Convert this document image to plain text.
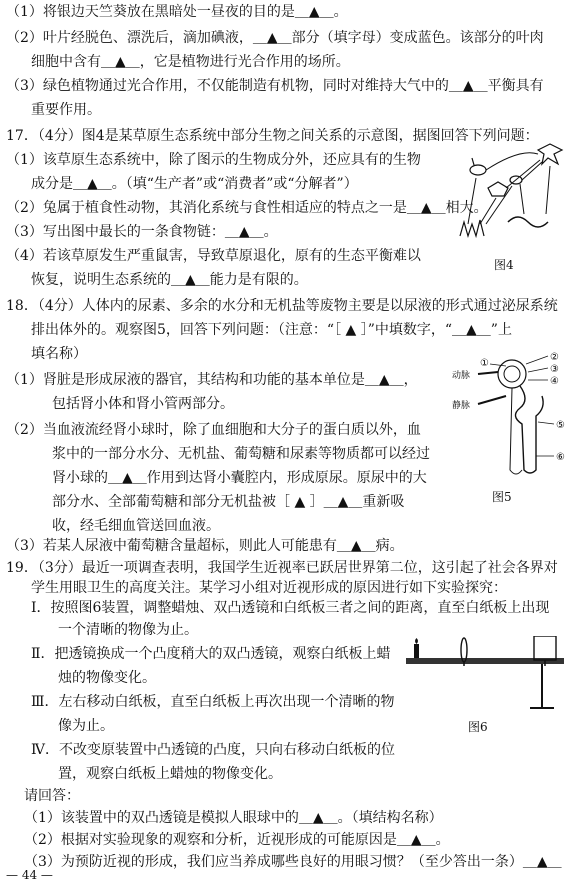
（1）将银边天竺葵放在黑暗处一昼夜的目的是＿▲＿。
（2）叶片经脱色、漂洗后，滴加碘液，＿▲＿部分（填字母）变成蓝色。该部分的叶肉
细胞中含有＿▲＿，它是植物进行光合作用的场所。
（3）绿色植物通过光合作用，不仅能制造有机物，同时对维持大气中的＿▲＿平衡具有
重要作用。
17．（4分）图4是某草原生态系统中部分生物之间关系的示意图，据图回答下列问题：
（1）该草原生态系统中，除了图示的生物成分外，还应具有的生物
成分是＿▲＿。（填“生产者”或“消费者”或“分解者”）
（2）兔属于植食性动物，其消化系统与食性相适应的特点之一是＿▲＿相大。
（3）写出图中最长的一条食物链：＿▲＿。
（4）若该草原发生严重鼠害，导致草原退化，原有的生态平衡难以
恢复，说明生态系统的＿▲＿能力是有限的。
图4
18．（4分）人体内的尿素、多余的水分和无机盐等废物主要是以尿液的形式通过泌尿系统
排出体外的。观察图5，回答下列问题：（注意：“［ ▲ ］”中填数字，“＿▲＿”上
填名称）
（1）肾脏是形成尿液的器官，其结构和功能的基本单位是＿▲＿，
包括肾小体和肾小管两部分。
（2）当血液流经肾小球时，除了血细胞和大分子的蛋白质以外，血
浆中的一部分水分、无机盐、葡萄糖和尿素等物质都可以经过
肾小球的＿▲＿作用到达肾小囊腔内，形成原尿。原尿中的大
部分水、全部葡萄糖和部分无机盐被［ ▲ ］＿▲＿重新吸
收，经毛细血管送回血液。
（3）若某人尿液中葡萄糖含量超标，则此人可能患有＿▲＿病。
①
②
③
④
⑤
⑥
动脉
静脉
图5
19．（3分）最近一项调查表明，我国学生近视率已跃居世界第二位，这引起了社会各界对
学生用眼卫生的高度关注。某学习小组对近视形成的原因进行如下实验探究：
Ⅰ．按照图6装置，调整蜡烛、双凸透镜和白纸板三者之间的距离，直至白纸板上出现
一个清晰的物像为止。
Ⅱ．把透镜换成一个凸度稍大的双凸透镜，观察白纸板上蜡
烛的物像变化。
Ⅲ．左右移动白纸板，直至白纸板上再次出现一个清晰的物
像为止。
Ⅳ．不改变原装置中凸透镜的凸度，只向右移动白纸板的位
置，观察白纸板上蜡烛的物像变化。
请回答：
（1）该装置中的双凸透镜是模拟人眼球中的＿▲＿。（填结构名称）
图6
（2）根据对实验现象的观察和分析，近视形成的可能原因是＿▲＿。
— 44 —
（3）为预防近视的形成，我们应当养成哪些良好的用眼习惯？（至少答出一条）＿▲＿
